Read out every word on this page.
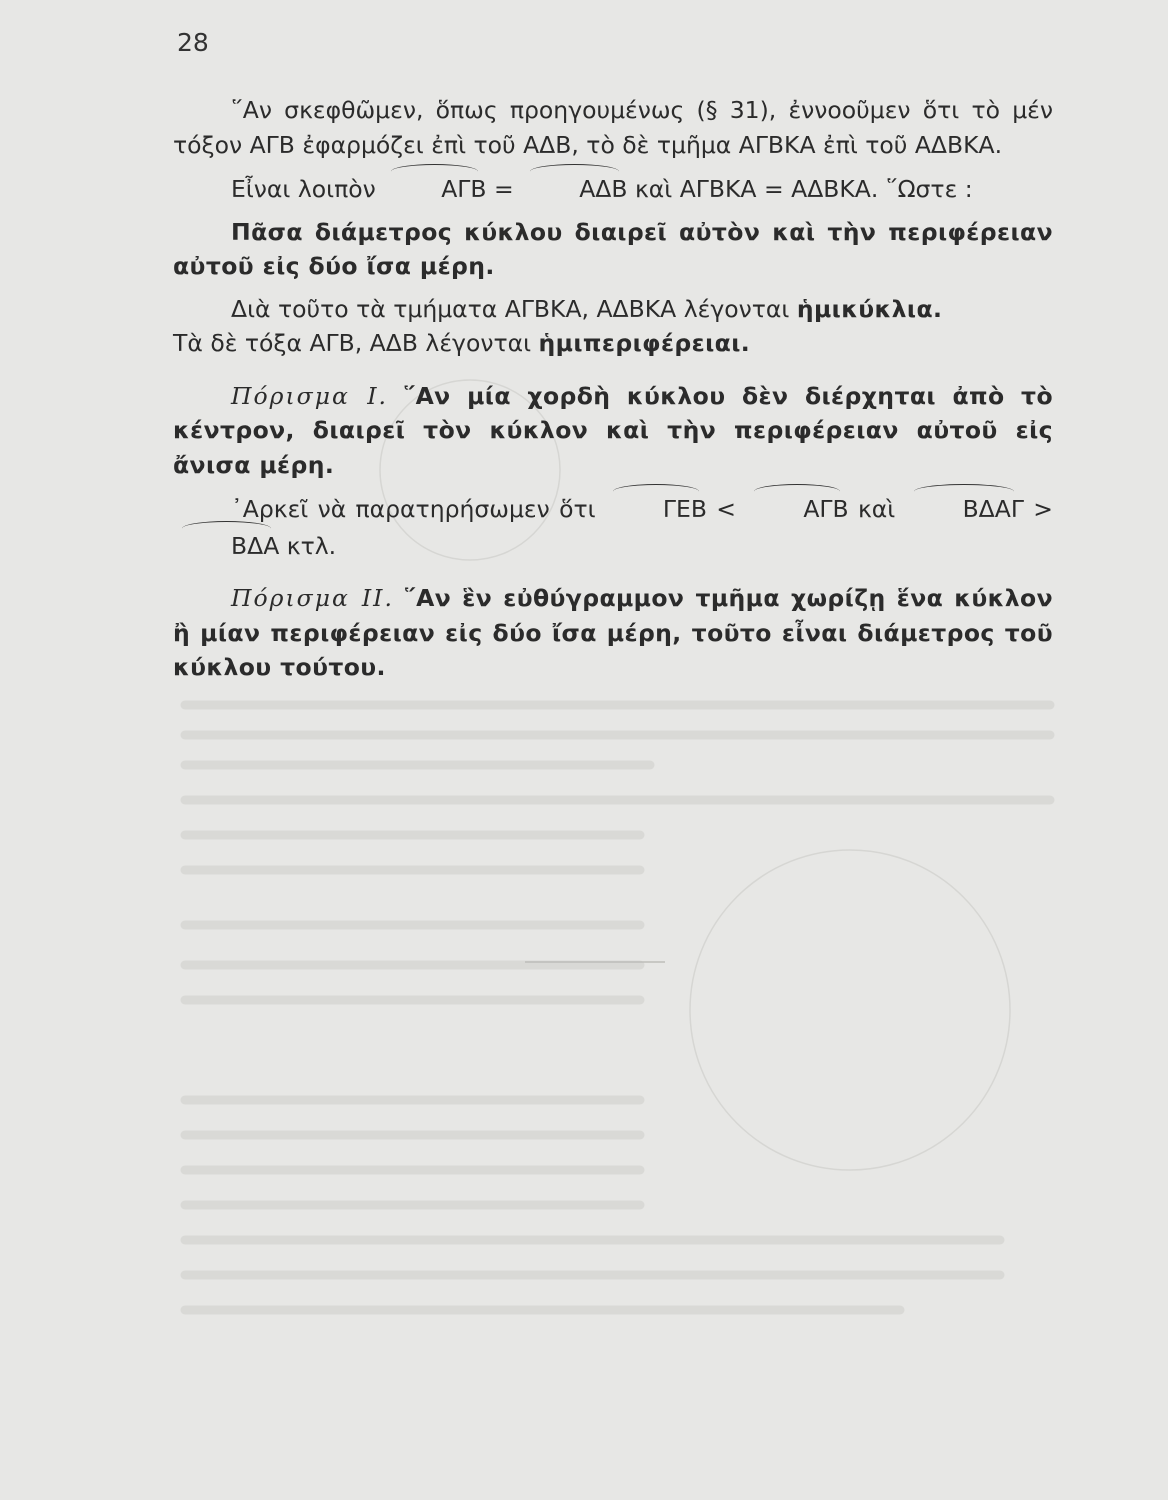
28

῞Αν σκεφθῶμεν, ὅπως προηγουμένως (§ 31), ἐννοοῦμεν ὅτι τὸ μέν τόξον ΑΓΒ ἐφαρμόζει ἐπὶ τοῦ ΑΔΒ, τὸ δὲ τμῆμα ΑΓΒΚΑ ἐπὶ τοῦ ΑΔΒΚΑ.

Εἶναι λοιπὸν	ΑΓΒ =	ΑΔΒ καὶ ΑΓΒΚΑ = ΑΔΒΚΑ. ῞Ωστε :

Πᾶσα διάμετρος κύκλου διαιρεῖ αὐτὸν καὶ τὴν περιφέρειαν αὐτοῦ εἰς δύο ἴσα μέρη.

Διὰ τοῦτο τὰ τμήματα ΑΓΒΚΑ, ΑΔΒΚΑ λέγονται ἡμικύκλια.
Τὰ δὲ τόξα ΑΓΒ, ΑΔΒ λέγονται ἡμιπεριφέρειαι.

Πόρισμα Ι. ῞Αν μία χορδὴ κύκλου δὲν διέρχηται ἀπὸ τὸ κέντρον, διαιρεῖ τὸν κύκλον καὶ τὴν περιφέρειαν αὐτοῦ εἰς ἄνισα μέρη.

᾿Αρκεῖ νὰ παρατηρήσωμεν ὅτι	ΓΕΒ <	ΑΓΒ καὶ	ΒΔΑΓ > ΒΔΑ κτλ.

Πόρισμα ΙΙ. ῞Αν ἓν εὐθύγραμμον τμῆμα χωρίζῃ ἕνα κύκλον ἢ μίαν περιφέρειαν εἰς δύο ἴσα μέρη, τοῦτο εἶναι διάμετρος τοῦ κύκλου τούτου.
